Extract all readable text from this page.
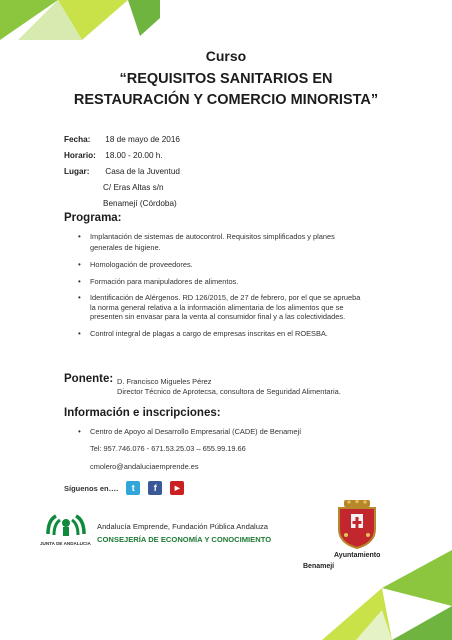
Curso
“REQUISITOS SANITARIOS EN
RESTAURACIÓN Y COMERCIO MINORISTA”
Fecha: 18 de mayo de 2016
Horario: 18.00 - 20.00 h.
Lugar: Casa de la Juventud
C/ Eras Altas s/n
Benamejí (Córdoba)
Programa:
• Implantación de sistemas de autocontrol. Requisitos simplificados y planes generales de higiene.
• Homologación de proveedores.
• Formación para manipuladores de alimentos.
• Identificación de Alérgenos. RD 126/2015, de 27 de febrero, por el que se aprueba la norma general relativa a la información alimentaria de los alimentos que se presenten sin envasar para la venta al consumidor final y a las colectividades.
• Control integral de plagas a cargo de empresas inscritas en el ROESBA.
Ponente: D. Francisco Migueles Pérez
Director Técnico de Aprotecsa, consultora de Seguridad Alimentaria.
Información e inscripciones:
• Centro de Apoyo al Desarrollo Empresarial (CADE) de Benamejí
Tel: 957.746.076 - 671.53.25.03 – 655.99.19.66
cmolero@andaluciaemprende.es
Síguenos en….	t	f	▶
JUNTA DE ANDALUCIA
Andalucía Emprende, Fundación Pública Andaluza
CONSEJERÍA DE ECONOMÍA Y CONOCIMIENTO
Ayuntamiento
Benamejí
